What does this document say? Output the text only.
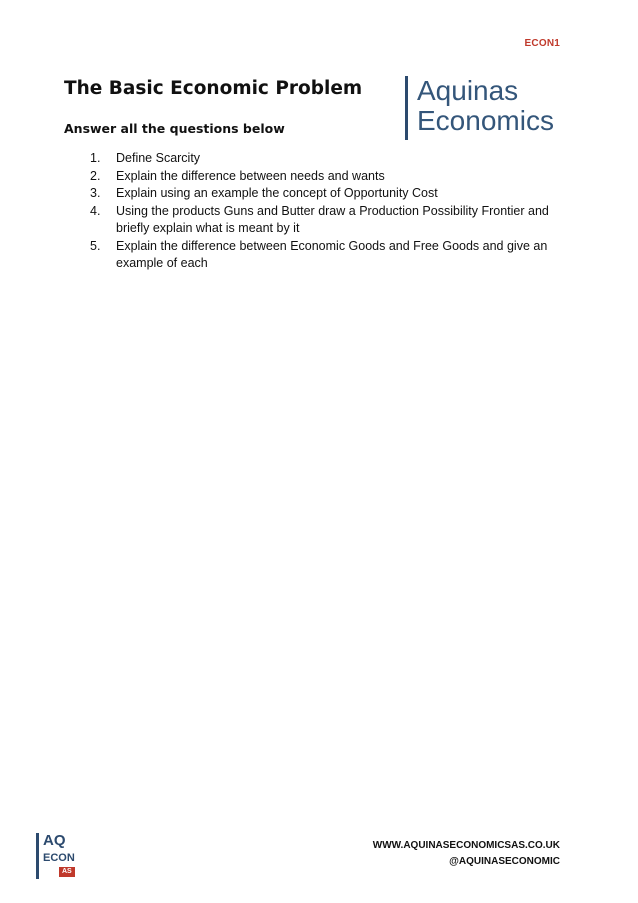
ECON1
The Basic Economic Problem
Answer all the questions below
Aquinas
Economics
1. Define Scarcity
2. Explain the difference between needs and wants
3. Explain using an example the concept of Opportunity Cost
4. Using the products Guns and Butter draw a Production Possibility Frontier and briefly explain what is meant by it
5. Explain the difference between Economic Goods and Free Goods and give an example of each
AQ
ECON
AS
WWW.AQUINASECONOMICSAS.CO.UK
@AQUINASECONOMIC
